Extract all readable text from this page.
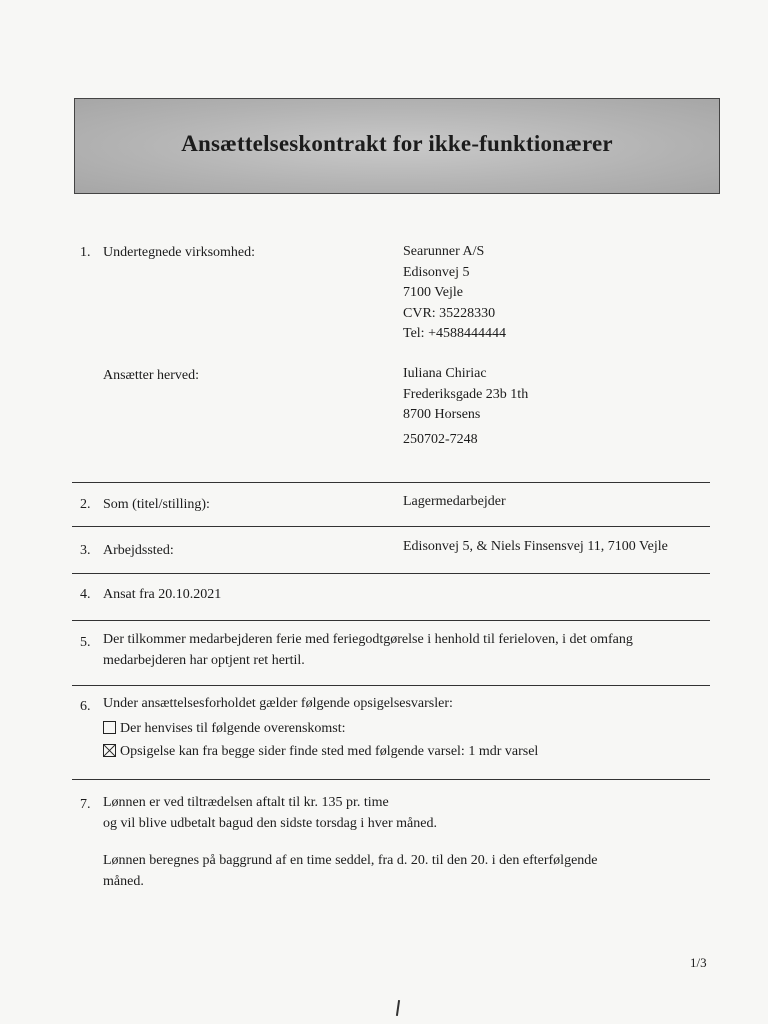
Ansættelseskontrakt for ikke-funktionærer
1. Undertegnede virksomhed:	Searunner A/S
Edisonvej 5
7100 Vejle
CVR: 35228330
Tel: +4588444444
Ansætter herved:	Iuliana Chiriac
Frederiksgade 23b 1th
8700 Horsens
250702-7248
2. Som (titel/stilling):	Lagermedarbejder
3. Arbejdssted:	Edisonvej 5, & Niels Finsensvej 11, 7100 Vejle
4. Ansat fra 20.10.2021
5. Der tilkommer medarbejderen ferie med feriegodtgørelse i henhold til ferieloven, i det omfang
medarbejderen har optjent ret hertil.
6. Under ansættelsesforholdet gælder følgende opsigelsesvarsler:
Der henvises til følgende overenskomst:
Opsigelse kan fra begge sider finde sted med følgende varsel: 1 mdr varsel
7. Lønnen er ved tiltrædelsen aftalt til kr. 135 pr. time
og vil blive udbetalt bagud den sidste torsdag i hver måned.
Lønnen beregnes på baggrund af en time seddel, fra d. 20. til den 20. i den efterfølgende
måned.
1/3
